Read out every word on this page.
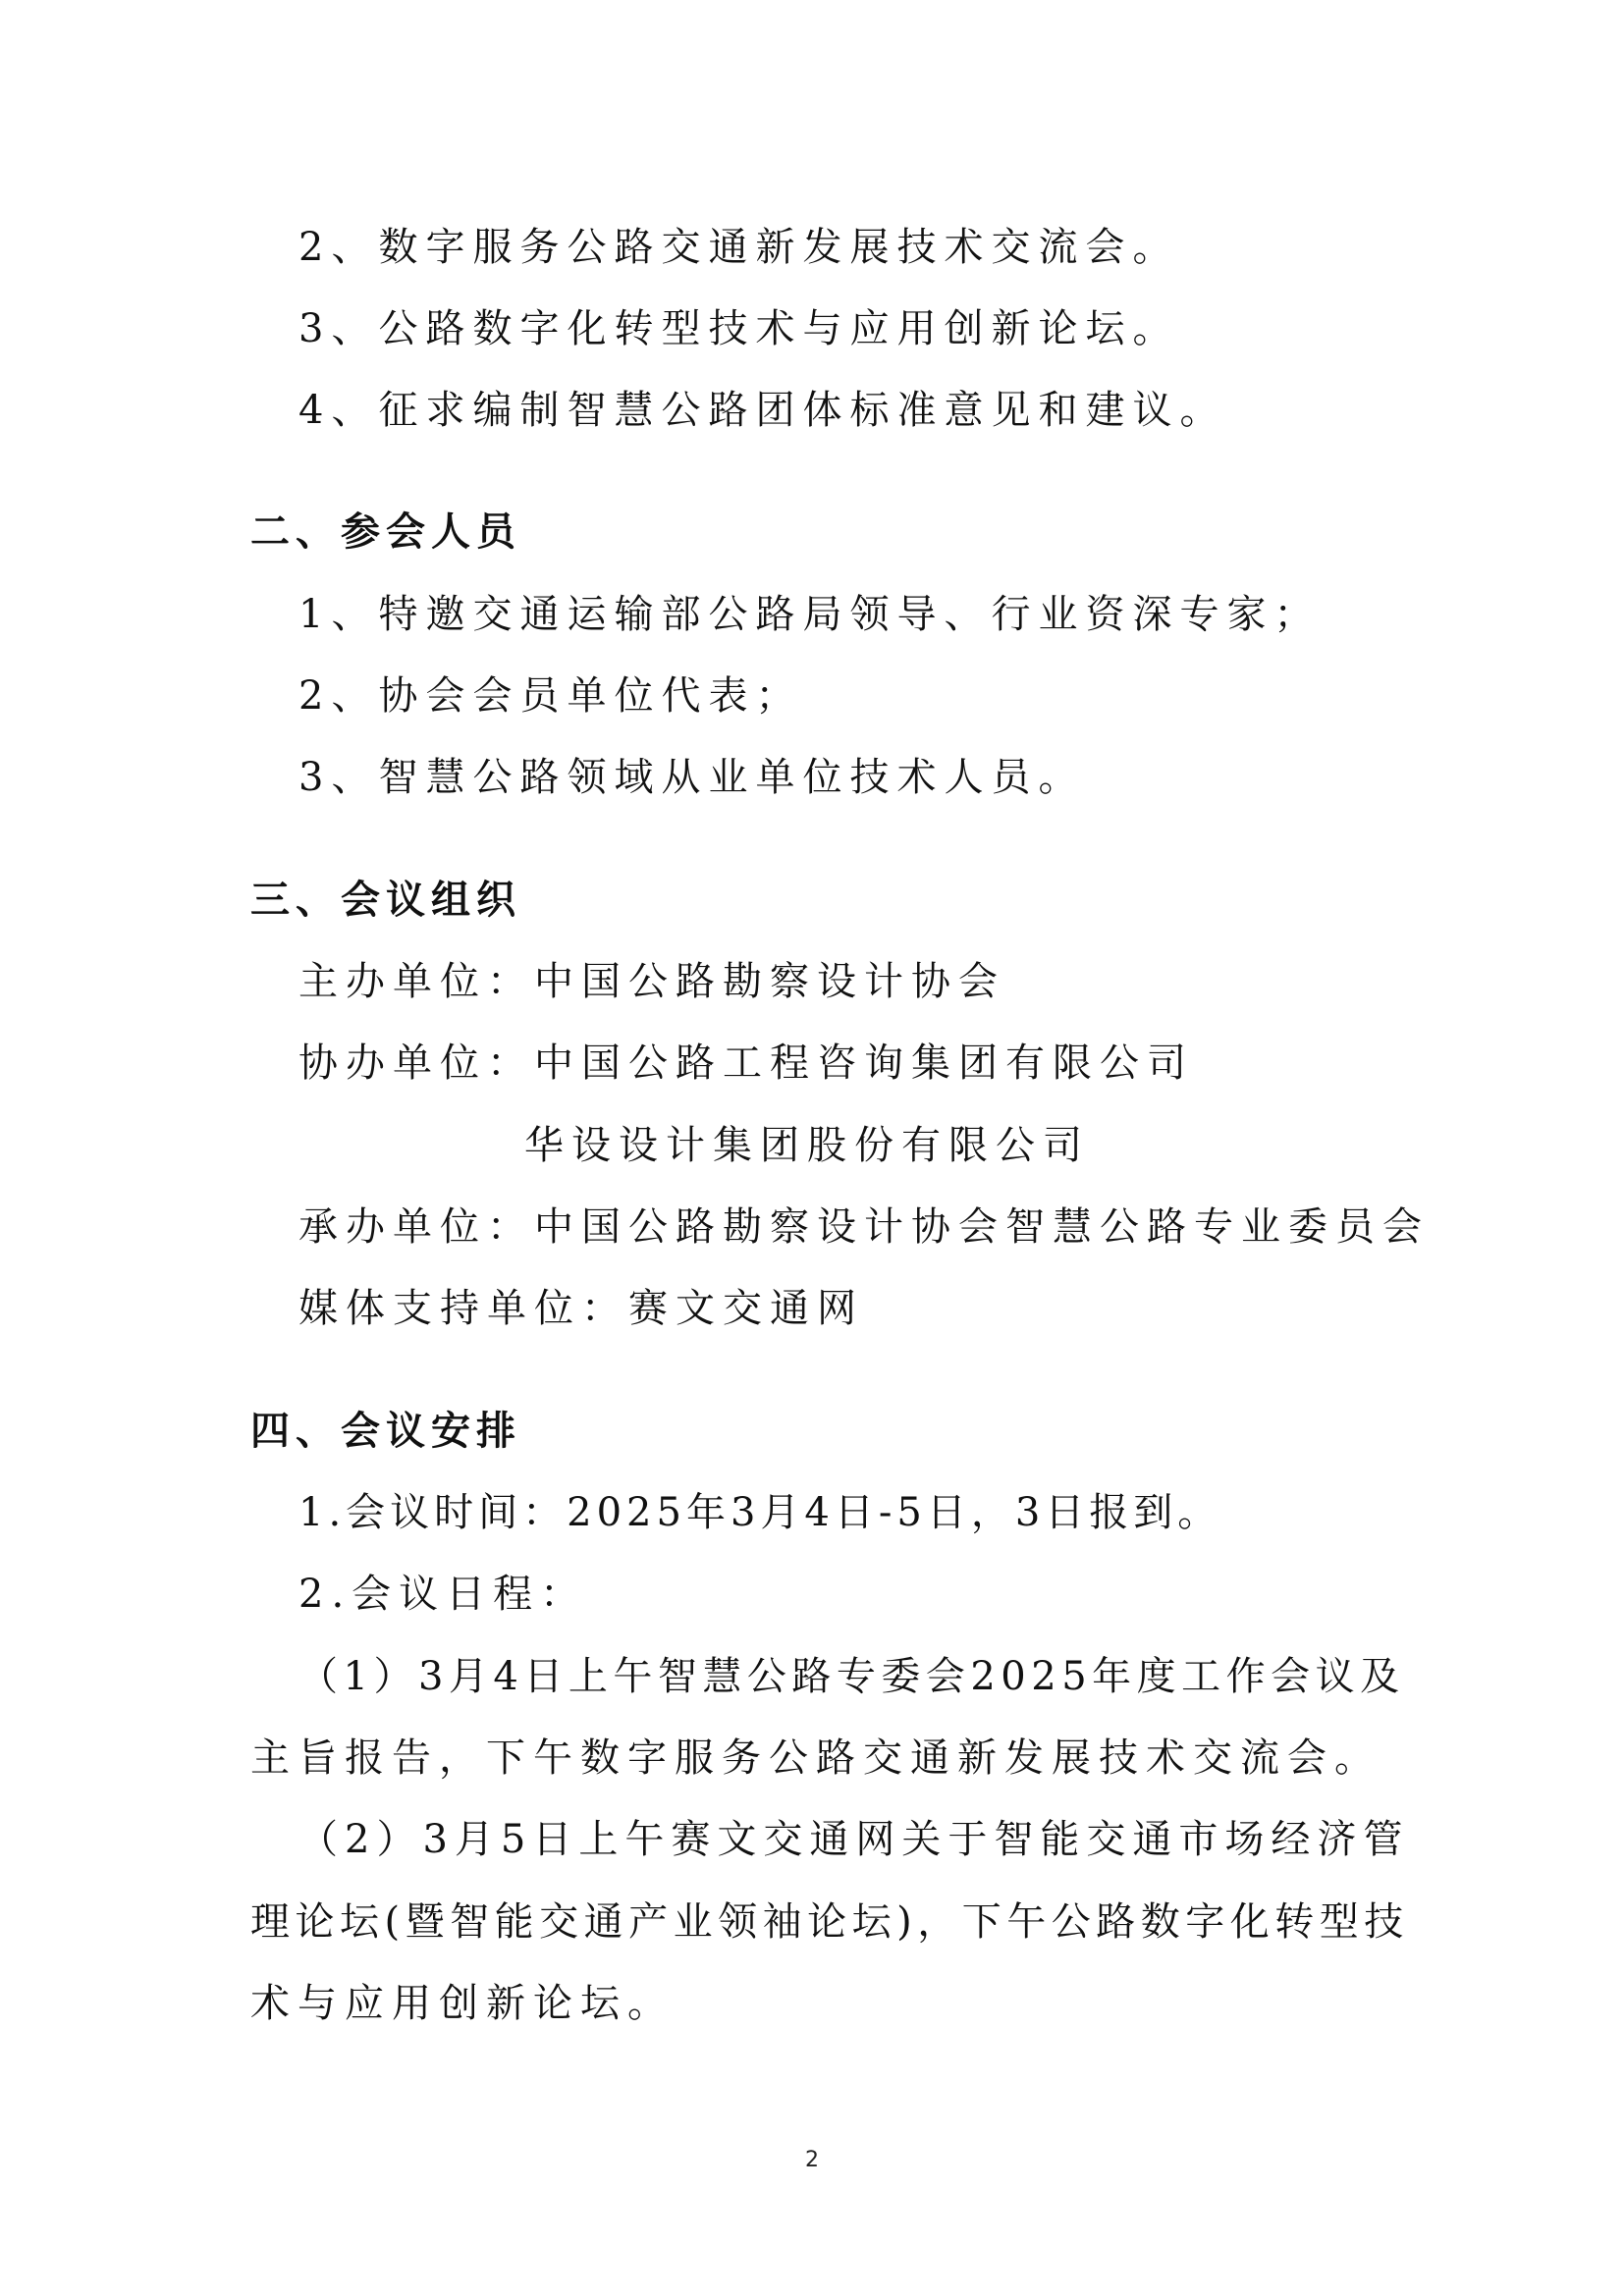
2、数字服务公路交通新发展技术交流会。
3、公路数字化转型技术与应用创新论坛。
4、征求编制智慧公路团体标准意见和建议。
二、参会人员
1、特邀交通运输部公路局领导、行业资深专家；
2、协会会员单位代表；
3、智慧公路领域从业单位技术人员。
三、会议组织
主办单位：中国公路勘察设计协会
协办单位：中国公路工程咨询集团有限公司
华设设计集团股份有限公司
承办单位：中国公路勘察设计协会智慧公路专业委员会
媒体支持单位：赛文交通网
四、会议安排
1.会议时间：2025年3月4日-5日，3日报到。
2.会议日程：
（1）3月4日上午智慧公路专委会2025年度工作会议及
主旨报告，下午数字服务公路交通新发展技术交流会。
（2）3月5日上午赛文交通网关于智能交通市场经济管
理论坛(暨智能交通产业领袖论坛)，下午公路数字化转型技
术与应用创新论坛。
2
